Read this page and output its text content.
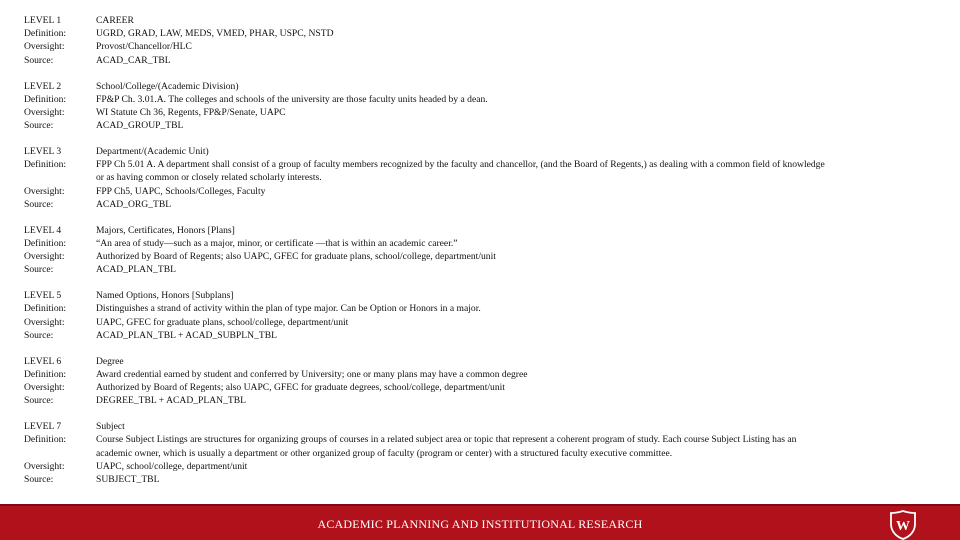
LEVEL 1	CAREER
Definition:	UGRD, GRAD, LAW, MEDS, VMED, PHAR, USPC, NSTD
Oversight:	Provost/Chancellor/HLC
Source:	ACAD_CAR_TBL
LEVEL 2	School/College/(Academic Division)
Definition:	FP&P Ch. 3.01.A. The colleges and schools of the university are those faculty units headed by a dean.
Oversight:	WI Statute Ch 36, Regents, FP&P/Senate, UAPC
Source:	ACAD_GROUP_TBL
LEVEL 3	Department/(Academic Unit)
Definition:	FPP Ch 5.01 A. A department shall consist of a group of faculty members recognized by the faculty and chancellor, (and the Board of Regents,) as dealing with a common field of knowledge
or as having common or closely related scholarly interests.
Oversight:	FPP Ch5, UAPC, Schools/Colleges, Faculty
Source:	ACAD_ORG_TBL
LEVEL 4	Majors, Certificates, Honors [Plans]
Definition:	“An area of study—such as a major, minor, or certificate —that is within an academic career.”
Oversight:	Authorized by Board of Regents; also UAPC, GFEC for graduate plans, school/college, department/unit
Source:	ACAD_PLAN_TBL
LEVEL 5	Named Options, Honors [Subplans]
Definition:	Distinguishes a strand of activity within the plan of type major. Can be Option or Honors in a major.
Oversight:	UAPC, GFEC for graduate plans, school/college, department/unit
Source:	ACAD_PLAN_TBL + ACAD_SUBPLN_TBL
LEVEL 6	Degree
Definition:	Award credential earned by student and conferred by University; one or many plans may have a common degree
Oversight:	Authorized by Board of Regents; also UAPC, GFEC for graduate degrees, school/college, department/unit
Source:	DEGREE_TBL + ACAD_PLAN_TBL
LEVEL 7	Subject
Definition:	Course Subject Listings are structures for organizing groups of courses in a related subject area or topic that represent a coherent program of study. Each course Subject Listing has an
academic owner, which is usually a department or other organized group of faculty (program or center) with a structured faculty executive committee.
Oversight:	UAPC, school/college, department/unit
Source:	SUBJECT_TBL
ACADEMIC PLANNING AND INSTITUTIONAL RESEARCH	W
